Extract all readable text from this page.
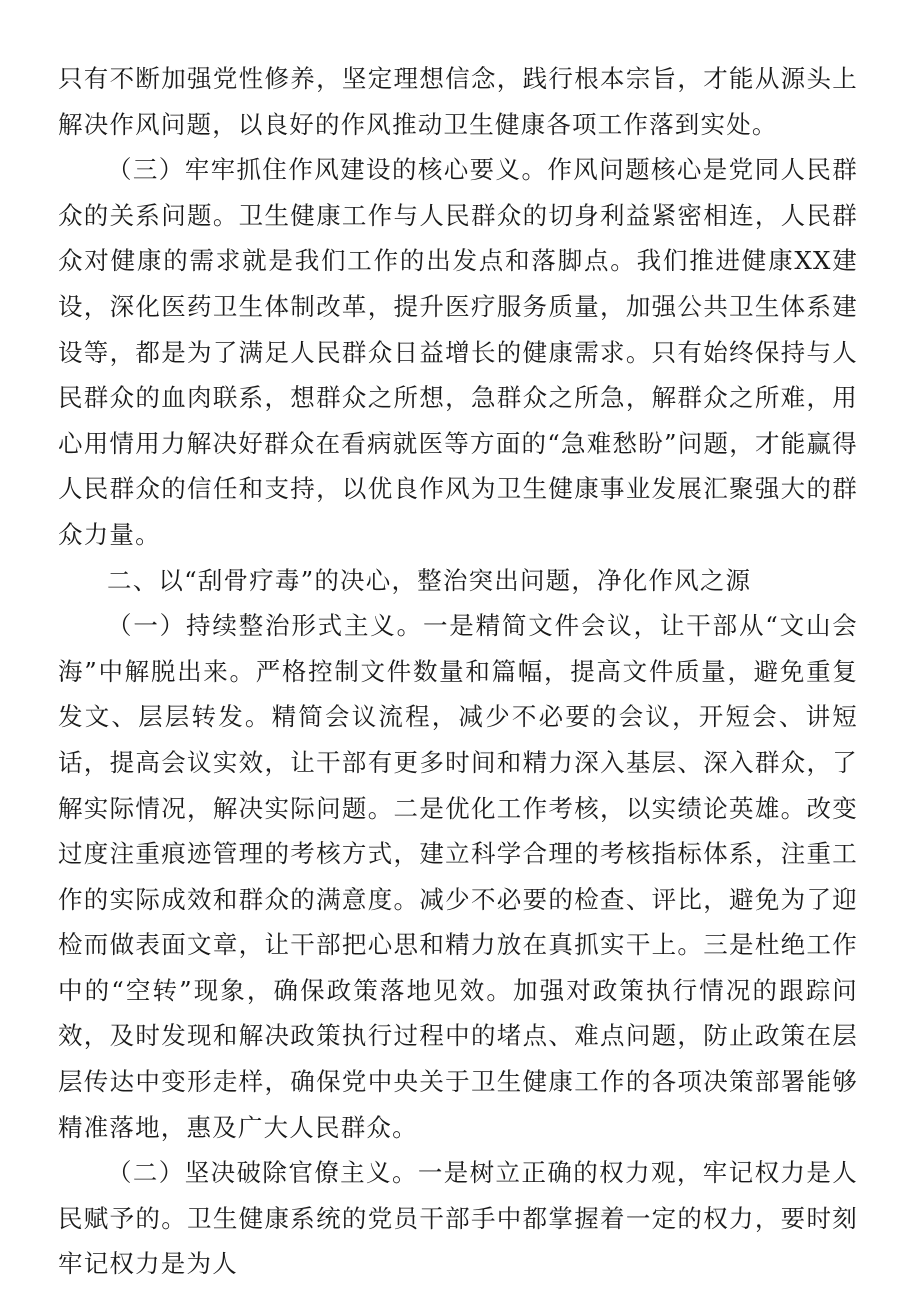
只有不断加强党性修养，坚定理想信念，践行根本宗旨，才能从源头上解决作风问题，以良好的作风推动卫生健康各项工作落到实处。

（三）牢牢抓住作风建设的核心要义。作风问题核心是党同人民群众的关系问题。卫生健康工作与人民群众的切身利益紧密相连，人民群众对健康的需求就是我们工作的出发点和落脚点。我们推进健康XX建设，深化医药卫生体制改革，提升医疗服务质量，加强公共卫生体系建设等，都是为了满足人民群众日益增长的健康需求。只有始终保持与人民群众的血肉联系，想群众之所想，急群众之所急，解群众之所难，用心用情用力解决好群众在看病就医等方面的“急难愁盼”问题，才能赢得人民群众的信任和支持，以优良作风为卫生健康事业发展汇聚强大的群众力量。

二、以“刮骨疗毒”的决心，整治突出问题，净化作风之源

（一）持续整治形式主义。一是精简文件会议，让干部从“文山会海”中解脱出来。严格控制文件数量和篇幅，提高文件质量，避免重复发文、层层转发。精简会议流程，减少不必要的会议，开短会、讲短话，提高会议实效，让干部有更多时间和精力深入基层、深入群众，了解实际情况，解决实际问题。二是优化工作考核，以实绩论英雄。改变过度注重痕迹管理的考核方式，建立科学合理的考核指标体系，注重工作的实际成效和群众的满意度。减少不必要的检查、评比，避免为了迎检而做表面文章，让干部把心思和精力放在真抓实干上。三是杜绝工作中的“空转”现象，确保政策落地见效。加强对政策执行情况的跟踪问效，及时发现和解决政策执行过程中的堵点、难点问题，防止政策在层层传达中变形走样，确保党中央关于卫生健康工作的各项决策部署能够精准落地，惠及广大人民群众。

（二）坚决破除官僚主义。一是树立正确的权力观，牢记权力是人民赋予的。卫生健康系统的党员干部手中都掌握着一定的权力，要时刻牢记权力是为人
